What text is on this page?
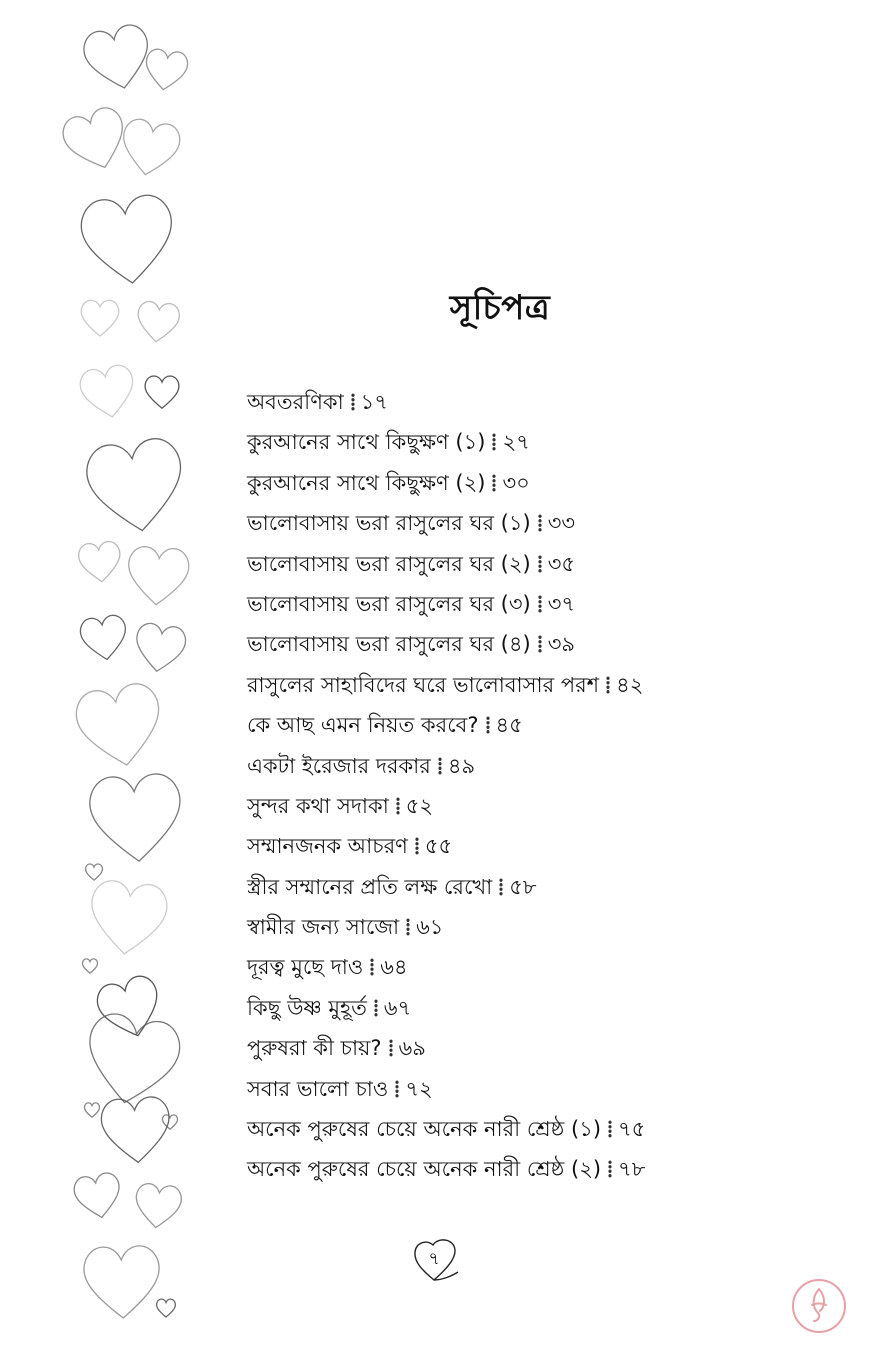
সূচিপত্র
অবতরণিকা ১৭
কুরআনের সাথে কিছুক্ষণ (১) ২৭
কুরআনের সাথে কিছুক্ষণ (২) ৩০
ভালোবাসায় ভরা রাসুলের ঘর (১) ৩৩
ভালোবাসায় ভরা রাসুলের ঘর (২) ৩৫
ভালোবাসায় ভরা রাসুলের ঘর (৩) ৩৭
ভালোবাসায় ভরা রাসুলের ঘর (৪) ৩৯
রাসুলের সাহাবিদের ঘরে ভালোবাসার পরশ ৪২
কে আছ এমন নিয়ত করবে? ৪৫
একটা ইরেজার দরকার ৪৯
সুন্দর কথা সদাকা ৫২
সম্মানজনক আচরণ ৫৫
স্ত্রীর সম্মানের প্রতি লক্ষ রেখো ৫৮
স্বামীর জন্য সাজো ৬১
দূরত্ব মুছে দাও ৬৪
কিছু উষ্ণ মুহূর্ত ৬৭
পুরুষরা কী চায়? ৬৯
সবার ভালো চাও ৭২
অনেক পুরুষের চেয়ে অনেক নারী শ্রেষ্ঠ (১) ৭৫
অনেক পুরুষের চেয়ে অনেক নারী শ্রেষ্ঠ (২) ৭৮
৭
